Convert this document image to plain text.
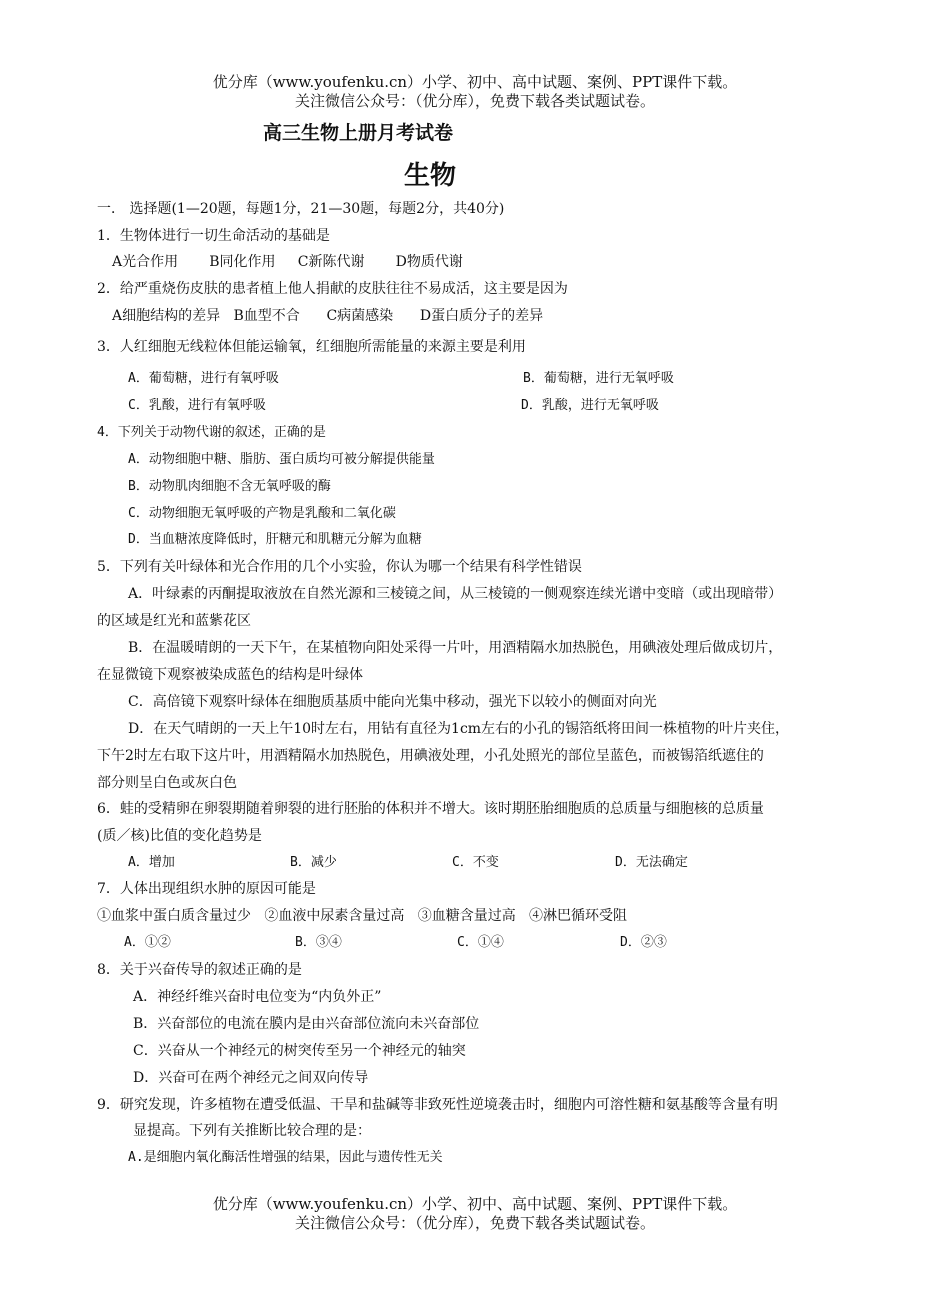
优分库（www.youfenku.cn）小学、初中、高中试题、案例、PPT课件下载。
关注微信公众号：（优分库），免费下载各类试题试卷。
高三生物上册月考试卷
生物
一． 选择题(1—20题，每题1分，21—30题，每题2分，共40分)
1．生物体进行一切生命活动的基础是
A光合作用       B同化作用     C新陈代谢       D物质代谢
2．给严重烧伤皮肤的患者植上他人捐献的皮肤往往不易成活，这主要是因为
A细胞结构的差异   B血型不合      C病菌感染      D蛋白质分子的差异
3．人红细胞无线粒体但能运输氧，红细胞所需能量的来源主要是利用
A．葡萄糖，进行有氧呼吸	B．葡萄糖，进行无氧呼吸
C．乳酸，进行有氧呼吸	D．乳酸，进行无氧呼吸
4．下列关于动物代谢的叙述，正确的是
A．动物细胞中糖、脂肪、蛋白质均可被分解提供能量
B．动物肌肉细胞不含无氧呼吸的酶
C．动物细胞无氧呼吸的产物是乳酸和二氧化碳
D．当血糖浓度降低时，肝糖元和肌糖元分解为血糖
5．下列有关叶绿体和光合作用的几个小实验，你认为哪一个结果有科学性错误
A．叶绿素的丙酮提取液放在自然光源和三棱镜之间，从三棱镜的一侧观察连续光谱中变暗（或出现暗带）
的区域是红光和蓝紫花区
B．在温暖晴朗的一天下午，在某植物向阳处采得一片叶，用酒精隔水加热脱色，用碘液处理后做成切片，
在显微镜下观察被染成蓝色的结构是叶绿体
C．高倍镜下观察叶绿体在细胞质基质中能向光集中移动，强光下以较小的侧面对向光
D．在天气晴朗的一天上午10时左右，用钻有直径为1cm左右的小孔的锡箔纸将田间一株植物的叶片夹住，
下午2时左右取下这片叶，用酒精隔水加热脱色，用碘液处理，小孔处照光的部位呈蓝色，而被锡箔纸遮住的
部分则呈白色或灰白色
6．蛙的受精卵在卵裂期随着卵裂的进行胚胎的体积并不增大。该时期胚胎细胞质的总质量与细胞核的总质量
(质／核)比值的变化趋势是
A．增加	B．减少	C．不变	D．无法确定
7．人体出现组织水肿的原因可能是
①血浆中蛋白质含量过少   ②血液中尿素含量过高   ③血糖含量过高   ④淋巴循环受阻
A．①②	B．③④	C．①④	D．②③
8．关于兴奋传导的叙述正确的是
A．神经纤维兴奋时电位变为“内负外正”
B．兴奋部位的电流在膜内是由兴奋部位流向未兴奋部位
C．兴奋从一个神经元的树突传至另一个神经元的轴突
D．兴奋可在两个神经元之间双向传导
9．研究发现，许多植物在遭受低温、干旱和盐碱等非致死性逆境袭击时，细胞内可溶性糖和氨基酸等含量有明
显提高。下列有关推断比较合理的是：
A.是细胞内氧化酶活性增强的结果，因此与遗传性无关
优分库（www.youfenku.cn）小学、初中、高中试题、案例、PPT课件下载。
关注微信公众号：（优分库），免费下载各类试题试卷。
